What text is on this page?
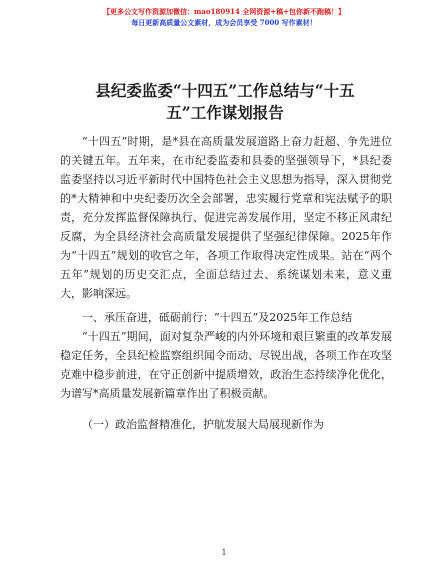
【更多公文写作资源加微信：mao180914 全网资源+稿+包你新不跑稿！】
每日更新高质量公文素材，成为会员享受 7000 写作素材！
县纪委监委“十四五”工作总结与“十五
五”工作谋划报告

“十四五”时期，是*县在高质量发展道路上奋力赶超、争先进位的关键五年。五年来，在市纪委监委和县委的坚强领导下，*县纪委监委坚持以习近平新时代中国特色社会主义思想为指导，深入贯彻党的*大精神和中央纪委历次全会部署，忠实履行党章和宪法赋予的职责，充分发挥监督保障执行、促进完善发展作用，坚定不移正风肃纪反腐，为全县经济社会高质量发展提供了坚强纪律保障。2025年作为“十四五”规划的收官之年，各项工作取得决定性成果。站在“两个五年”规划的历史交汇点，全面总结过去、系统谋划未来，意义重大，影响深远。

一、承压奋进，砥砺前行：“十四五”及2025年工作总结

“十四五”期间，面对复杂严峻的内外环境和艰巨繁重的改革发展稳定任务，全县纪检监察组织闻令而动、尽锐出战，各项工作在攻坚克难中稳步前进，在守正创新中提质增效，政治生态持续净化优化，为谱写*高质量发展新篇章作出了积极贡献。

（一）政治监督精准化，护航发展大局展现新作为

1
